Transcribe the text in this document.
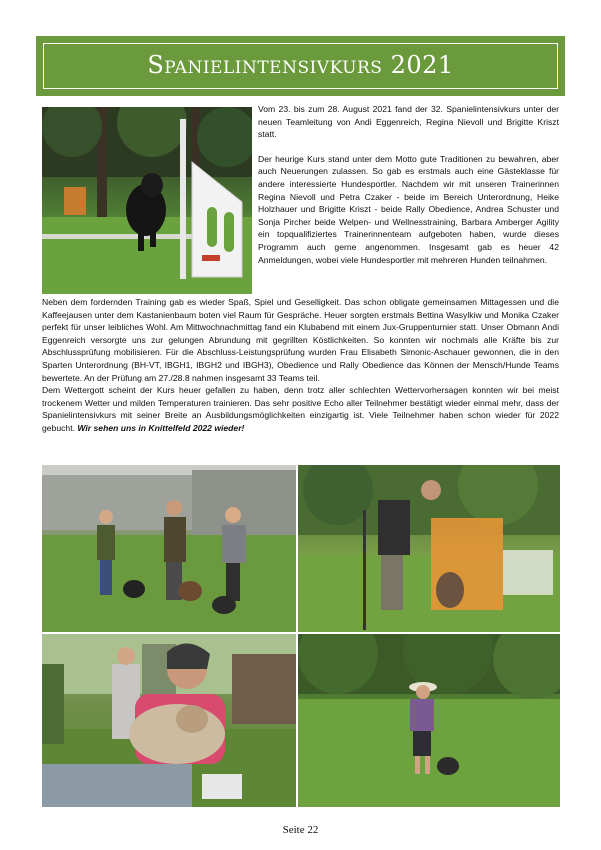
Spanielintensivkurs 2021

Vom 23. bis zum 28. August 2021 fand der 32. Spanielintensivkurs unter der neuen Teamleitung von Andi Eggenreich, Regina Nievoll und Brigitte Kriszt statt.

Der heurige Kurs stand unter dem Motto gute Traditionen zu bewahren, aber auch Neuerungen zulassen. So gab es erstmals auch eine Gästeklasse für andere interessierte Hundesportler. Nachdem wir mit unseren Trainerinnen Regina Nievoll und Petra Czaker - beide im Bereich Unterordnung, Heike Holzhauer und Brigitte Kriszt - beide Rally Obedience, Andrea Schuster und Sonja Pircher beide Welpen- und Wellnesstraining, Barbara Amberger Agility ein topqualifiziertes Trainerinnenteam aufgeboten haben, wurde dieses Programm auch gerne angenommen. Insgesamt gab es heuer 42 Anmeldungen, wobei viele Hundesportler mit mehreren Hunden teilnahmen.

Neben dem fordernden Training gab es wieder Spaß, Spiel und Geselligkeit. Das schon obligate gemeinsamen Mittagessen und die Kaffeejausen unter dem Kastanienbaum boten viel Raum für Gespräche. Heuer sorgten erstmals Bettina Wasylkiw und Monika Czaker perfekt für unser leibliches Wohl. Am Mittwochnachmittag fand ein Klubabend mit einem Jux-Gruppenturnier statt. Unser Obmann Andi Eggenreich versorgte uns zur gelungen Abrundung mit gegrillten Köstlichkeiten. So konnten wir nochmals alle Kräfte bis zur Abschlussprüfung mobilisieren. Für die Abschluss-Leistungsprüfung wurden Frau Elisabeth Simonic-Aschauer gewonnen, die in den Sparten Unterordnung (BH-VT, IBGH1, IBGH2 und IBGH3), Obedience und Rally Obedience das Können der Mensch/Hunde Teams bewertete. An der Prüfung am 27./28.8 nahmen insgesamt 33 Teams teil.

Dem Wettergott scheint der Kurs heuer gefallen zu haben, denn trotz aller schlechten Wettervorhersagen konnten wir bei meist trockenem Wetter und milden Temperaturen trainieren. Das sehr positive Echo aller Teilnehmer bestätigt wieder einmal mehr, dass der Spanielintensivkurs mit seiner Breite an Ausbildungsmöglichkeiten einzigartig ist. Viele Teilnehmer haben schon wieder für 2022 gebucht. Wir sehen uns in Knittelfeld 2022 wieder!

Seite 22
